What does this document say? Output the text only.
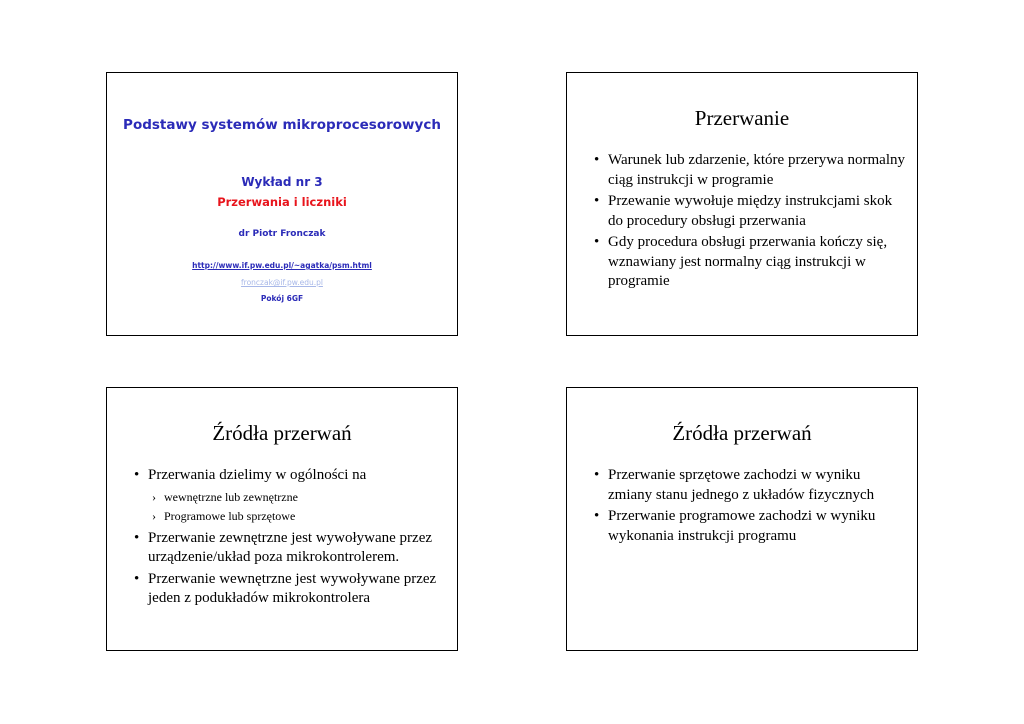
Podstawy systemów mikroprocesorowych
Wykład nr 3
Przerwania i liczniki
dr Piotr Fronczak
http://www.if.pw.edu.pl/~agatka/psm.html
fronczak@if.pw.edu.pl
Pokój 6GF
Przerwanie
• Warunek lub zdarzenie, które przerywa normalny ciąg instrukcji w programie
• Przewanie wywołuje między instrukcjami skok do procedury obsługi przerwania
• Gdy procedura obsługi przerwania kończy się, wznawiany jest normalny ciąg instrukcji w programie
Źródła przerwań
• Przerwania dzielimy w ogólności na
› wewnętrzne lub zewnętrzne
› Programowe lub sprzętowe
• Przerwanie zewnętrzne jest wywoływane przez urządzenie/układ poza mikrokontrolerem.
• Przerwanie wewnętrzne jest wywoływane przez jeden z podukładów mikrokontrolera
Źródła przerwań
• Przerwanie sprzętowe zachodzi w wyniku zmiany stanu jednego z układów fizycznych
• Przerwanie programowe zachodzi w wyniku wykonania instrukcji programu
